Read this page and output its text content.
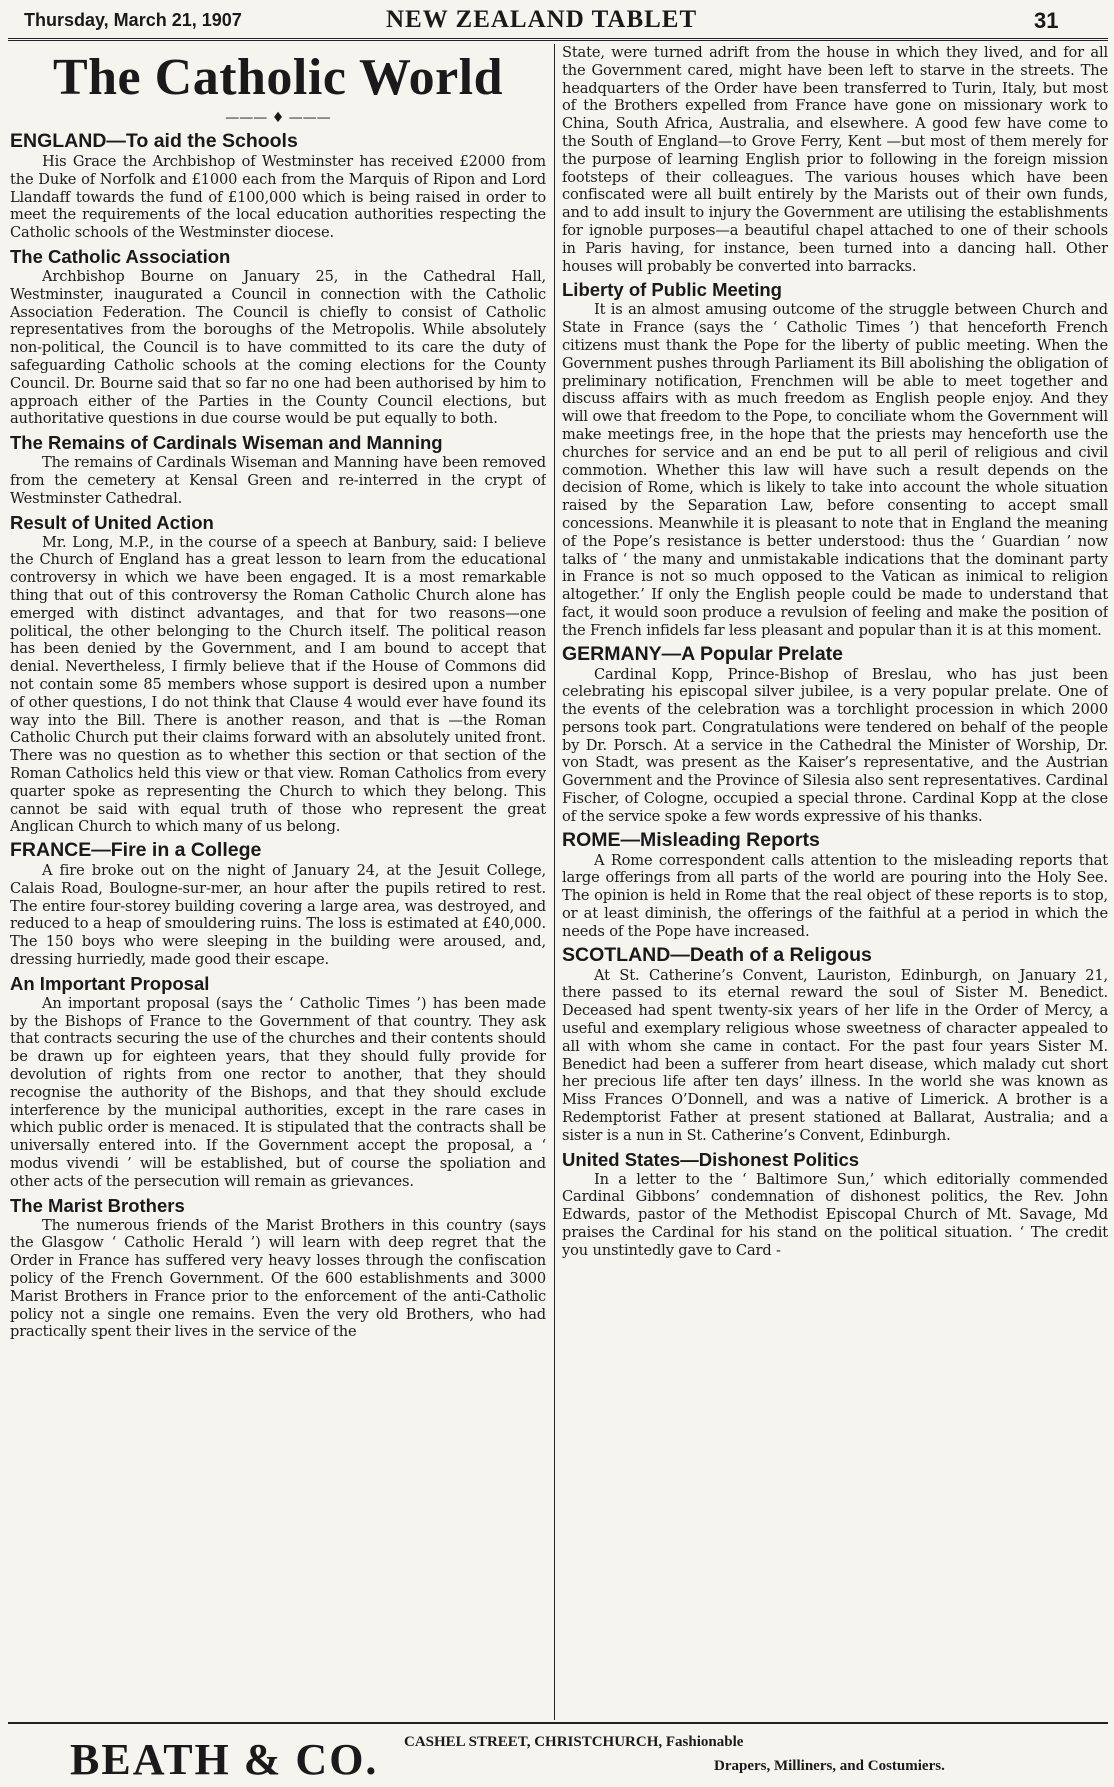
Thursday, March 21, 1907	NEW ZEALAND TABLET	31
The Catholic World
——— ♦ ———
ENGLAND—To aid the Schools
His Grace the Archbishop of Westminster has received £2000 from the Duke of Norfolk and £1000 each from the Marquis of Ripon and Lord Llandaff towards the fund of £100,000 which is being raised in order to meet the requirements of the local education authorities respecting the Catholic schools of the Westminster diocese.
The Catholic Association
Archbishop Bourne on January 25, in the Cathedral Hall, Westminster, inaugurated a Council in connection with the Catholic Association Federation. The Council is chiefly to consist of Catholic representatives from the boroughs of the Metropolis. While absolutely non-political, the Council is to have committed to its care the duty of safeguarding Catholic schools at the coming elections for the County Council. Dr. Bourne said that so far no one had been authorised by him to approach either of the Parties in the County Council elections, but authoritative questions in due course would be put equally to both.
The Remains of Cardinals Wiseman and Manning
The remains of Cardinals Wiseman and Manning have been removed from the cemetery at Kensal Green and re-interred in the crypt of Westminster Cathedral.
Result of United Action
Mr. Long, M.P., in the course of a speech at Banbury, said: I believe the Church of England has a great lesson to learn from the educational controversy in which we have been engaged. It is a most remarkable thing that out of this controversy the Roman Catholic Church alone has emerged with distinct advantages, and that for two reasons—one political, the other belonging to the Church itself. The political reason has been denied by the Government, and I am bound to accept that denial. Nevertheless, I firmly believe that if the House of Commons did not contain some 85 members whose support is desired upon a number of other questions, I do not think that Clause 4 would ever have found its way into the Bill. There is another reason, and that is —the Roman Catholic Church put their claims forward with an absolutely united front. There was no question as to whether this section or that section of the Roman Catholics held this view or that view. Roman Catholics from every quarter spoke as representing the Church to which they belong. This cannot be said with equal truth of those who represent the great Anglican Church to which many of us belong.
FRANCE—Fire in a College
A fire broke out on the night of January 24, at the Jesuit College, Calais Road, Boulogne-sur-mer, an hour after the pupils retired to rest. The entire four-storey building covering a large area, was destroyed, and reduced to a heap of smouldering ruins. The loss is estimated at £40,000. The 150 boys who were sleeping in the building were aroused, and, dressing hurriedly, made good their escape.
An Important Proposal
An important proposal (says the ‘ Catholic Times ’) has been made by the Bishops of France to the Government of that country. They ask that contracts securing the use of the churches and their contents should be drawn up for eighteen years, that they should fully provide for devolution of rights from one rector to another, that they should recognise the authority of the Bishops, and that they should exclude interference by the municipal authorities, except in the rare cases in which public order is menaced. It is stipulated that the contracts shall be universally entered into. If the Government accept the proposal, a ‘ modus vivendi ’ will be established, but of course the spoliation and other acts of the persecution will remain as grievances.
The Marist Brothers
The numerous friends of the Marist Brothers in this country (says the Glasgow ‘ Catholic Herald ’) will learn with deep regret that the Order in France has suffered very heavy losses through the confiscation policy of the French Government. Of the 600 establishments and 3000 Marist Brothers in France prior to the enforcement of the anti-Catholic policy not a single one remains. Even the very old Brothers, who had practically spent their lives in the service of the
State, were turned adrift from the house in which they lived, and for all the Government cared, might have been left to starve in the streets. The headquarters of the Order have been transferred to Turin, Italy, but most of the Brothers expelled from France have gone on missionary work to China, South Africa, Australia, and elsewhere. A good few have come to the South of England—to Grove Ferry, Kent —but most of them merely for the purpose of learning English prior to following in the foreign mission footsteps of their colleagues. The various houses which have been confiscated were all built entirely by the Marists out of their own funds, and to add insult to injury the Government are utilising the establishments for ignoble purposes—a beautiful chapel attached to one of their schools in Paris having, for instance, been turned into a dancing hall. Other houses will probably be converted into barracks.
Liberty of Public Meeting
It is an almost amusing outcome of the struggle between Church and State in France (says the ‘ Catholic Times ’) that henceforth French citizens must thank the Pope for the liberty of public meeting. When the Government pushes through Parliament its Bill abolishing the obligation of preliminary notification, Frenchmen will be able to meet together and discuss affairs with as much freedom as English people enjoy. And they will owe that freedom to the Pope, to conciliate whom the Government will make meetings free, in the hope that the priests may henceforth use the churches for service and an end be put to all peril of religious and civil commotion. Whether this law will have such a result depends on the decision of Rome, which is likely to take into account the whole situation raised by the Separation Law, before consenting to accept small concessions. Meanwhile it is pleasant to note that in England the meaning of the Pope’s resistance is better understood: thus the ‘ Guardian ’ now talks of ‘ the many and unmistakable indications that the dominant party in France is not so much opposed to the Vatican as inimical to religion altogether.’ If only the English people could be made to understand that fact, it would soon produce a revulsion of feeling and make the position of the French infidels far less pleasant and popular than it is at this moment.
GERMANY—A Popular Prelate
Cardinal Kopp, Prince-Bishop of Breslau, who has just been celebrating his episcopal silver jubilee, is a very popular prelate. One of the events of the celebration was a torchlight procession in which 2000 persons took part. Congratulations were tendered on behalf of the people by Dr. Porsch. At a service in the Cathedral the Minister of Worship, Dr. von Stadt, was present as the Kaiser’s representative, and the Austrian Government and the Province of Silesia also sent representatives. Cardinal Fischer, of Cologne, occupied a special throne. Cardinal Kopp at the close of the service spoke a few words expressive of his thanks.
ROME—Misleading Reports
A Rome correspondent calls attention to the misleading reports that large offerings from all parts of the world are pouring into the Holy See. The opinion is held in Rome that the real object of these reports is to stop, or at least diminish, the offerings of the faithful at a period in which the needs of the Pope have increased.
SCOTLAND—Death of a Religous
At St. Catherine’s Convent, Lauriston, Edinburgh, on January 21, there passed to its eternal reward the soul of Sister M. Benedict. Deceased had spent twenty-six years of her life in the Order of Mercy, a useful and exemplary religious whose sweetness of character appealed to all with whom she came in contact. For the past four years Sister M. Benedict had been a sufferer from heart disease, which malady cut short her precious life after ten days’ illness. In the world she was known as Miss Frances O’Donnell, and was a native of Limerick. A brother is a Redemptorist Father at present stationed at Ballarat, Australia; and a sister is a nun in St. Catherine’s Convent, Edinburgh.
United States—Dishonest Politics
In a letter to the ‘ Baltimore Sun,’ which editorially commended Cardinal Gibbons’ condemnation of dishonest politics, the Rev. John Edwards, pastor of the Methodist Episcopal Church of Mt. Savage, Md praises the Cardinal for his stand on the political situation. ‘ The credit you unstintedly gave to Card -
BEATH & CO. CASHEL STREET, CHRISTCHURCH, Fashionable
Drapers, Milliners, and Costumiers.
